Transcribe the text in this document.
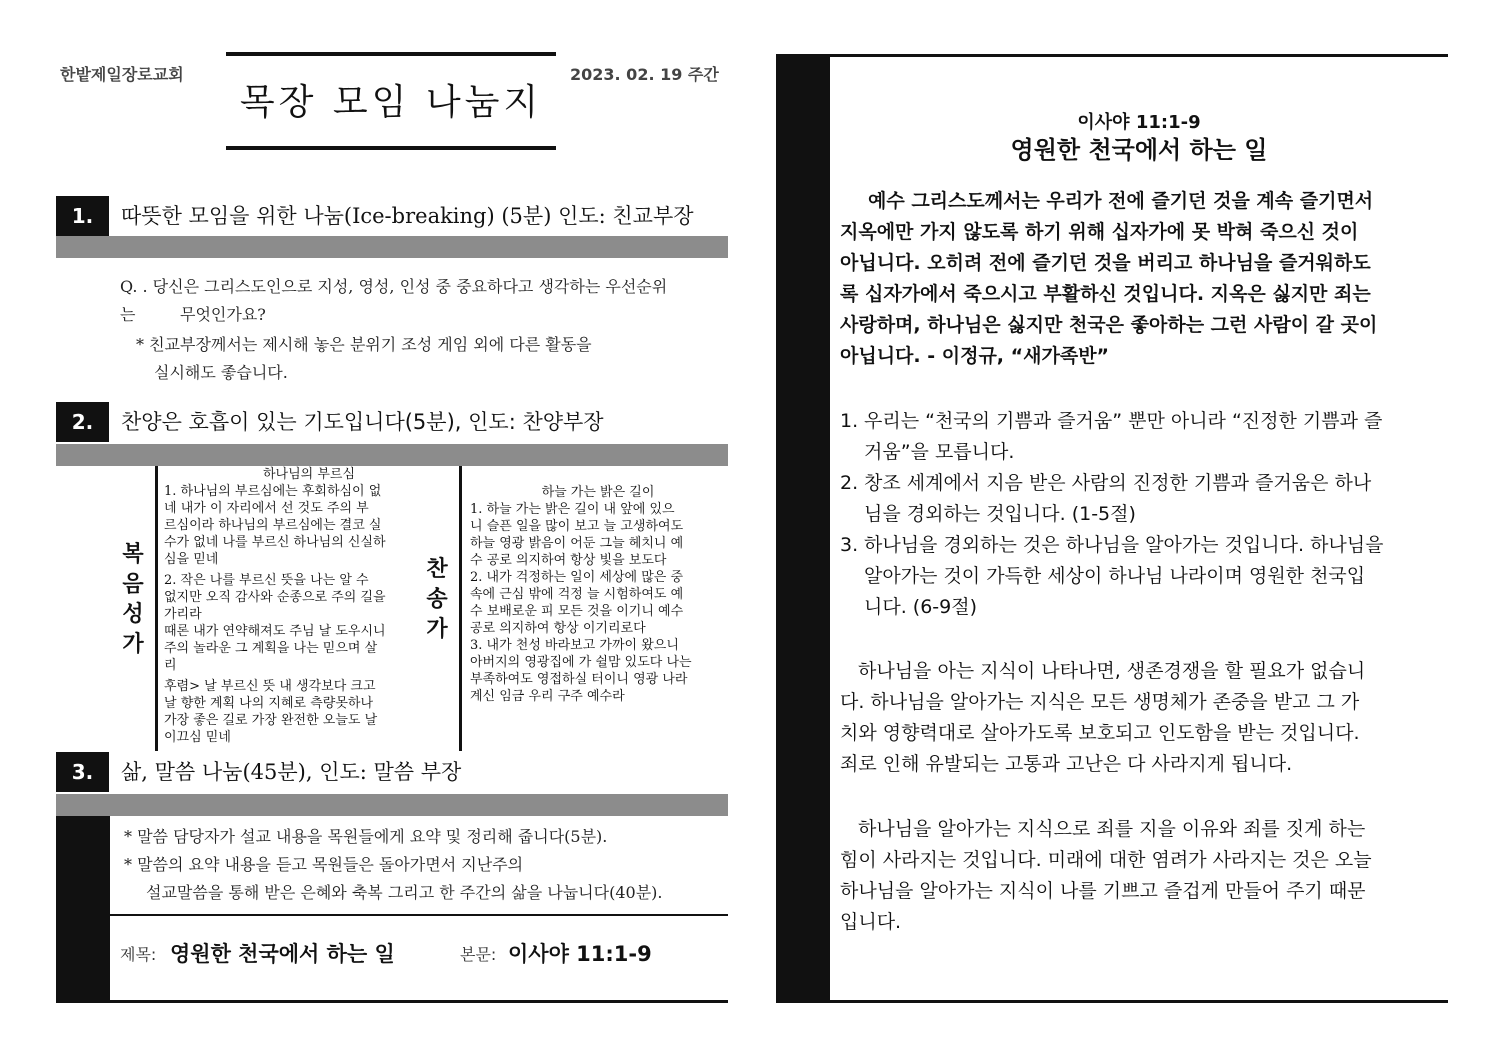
한밭제일장로교회	2023. 02. 19 주간
목장 모임 나눔지
1.	따뜻한 모임을 위한 나눔(Ice-breaking) (5분) 인도: 친교부장
Q. . 당신은 그리스도인으로 지성, 영성, 인성 중 중요하다고 생각하는 우선순위
는	무엇인가요?
* 친교부장께서는 제시해 놓은 분위기 조성 게임 외에 다른 활동을
실시해도 좋습니다.
2.	찬양은 호흡이 있는 기도입니다(5분), 인도: 찬양부장
복
음
성
가
찬
송
가
하나님의 부르심
1. 하나님의 부르심에는 후회하심이 없
네 내가 이 자리에서 선 것도 주의 부
르심이라 하나님의 부르심에는 결코 실
수가 없네 나를 부르신 하나님의 신실하
심을 믿네
2. 작은 나를 부르신 뜻을 나는 알 수
없지만 오직 감사와 순종으로 주의 길을
가리라
때론 내가 연약해져도 주님 날 도우시니
주의 놀라운 그 계획을 나는 믿으며 살
리
후렴> 날 부르신 뜻 내 생각보다 크고
날 향한 계획 나의 지혜로 측량못하나
가장 좋은 길로 가장 완전한 오늘도 날
이끄심 믿네
하늘 가는 밝은 길이
1. 하늘 가는 밝은 길이 내 앞에 있으
니 슬픈 일을 많이 보고 늘 고생하여도
하늘 영광 밝음이 어둔 그늘 헤치니 예
수 공로 의지하여 항상 빛을 보도다
2. 내가 걱정하는 일이 세상에 많은 중
속에 근심 밖에 걱정 늘 시험하여도 예
수 보배로운 피 모든 것을 이기니 예수
공로 의지하여 항상 이기리로다
3. 내가 천성 바라보고 가까이 왔으니
아버지의 영광집에 가 쉴맘 있도다 나는
부족하여도 영접하실 터이니 영광 나라
계신 임금 우리 구주 예수라
3.	삶, 말씀 나눔(45분), 인도: 말씀 부장
* 말씀 담당자가 설교 내용을 목원들에게 요약 및 정리해 줍니다(5분).
* 말씀의 요약 내용을 듣고 목원들은 돌아가면서 지난주의
설교말씀을 통해 받은 은혜와 축복 그리고 한 주간의 삶을 나눕니다(40분).
제목: 영원한 천국에서 하는 일	본문: 이사야 11:1-9
이사야 11:1-9
영원한 천국에서 하는 일
예수 그리스도께서는 우리가 전에 즐기던 것을 계속 즐기면서
지옥에만 가지 않도록 하기 위해 십자가에 못 박혀 죽으신 것이
아닙니다. 오히려 전에 즐기던 것을 버리고 하나님을 즐거워하도
록 십자가에서 죽으시고 부활하신 것입니다. 지옥은 싫지만 죄는
사랑하며, 하나님은 싫지만 천국은 좋아하는 그런 사람이 갈 곳이
아닙니다. - 이정규, “새가족반”
1. 우리는 “천국의 기쁨과 즐거움” 뿐만 아니라 “진정한 기쁨과 즐
거움”을 모릅니다.
2. 창조 세계에서 지음 받은 사람의 진정한 기쁨과 즐거움은 하나
님을 경외하는 것입니다. (1-5절)
3. 하나님을 경외하는 것은 하나님을 알아가는 것입니다. 하나님을
알아가는 것이 가득한 세상이 하나님 나라이며 영원한 천국입
니다. (6-9절)
하나님을 아는 지식이 나타나면, 생존경쟁을 할 필요가 없습니
다. 하나님을 알아가는 지식은 모든 생명체가 존중을 받고 그 가
치와 영향력대로 살아가도록 보호되고 인도함을 받는 것입니다.
죄로 인해 유발되는 고통과 고난은 다 사라지게 됩니다.
하나님을 알아가는 지식으로 죄를 지을 이유와 죄를 짓게 하는
힘이 사라지는 것입니다. 미래에 대한 염려가 사라지는 것은 오늘
하나님을 알아가는 지식이 나를 기쁘고 즐겁게 만들어 주기 때문
입니다.
